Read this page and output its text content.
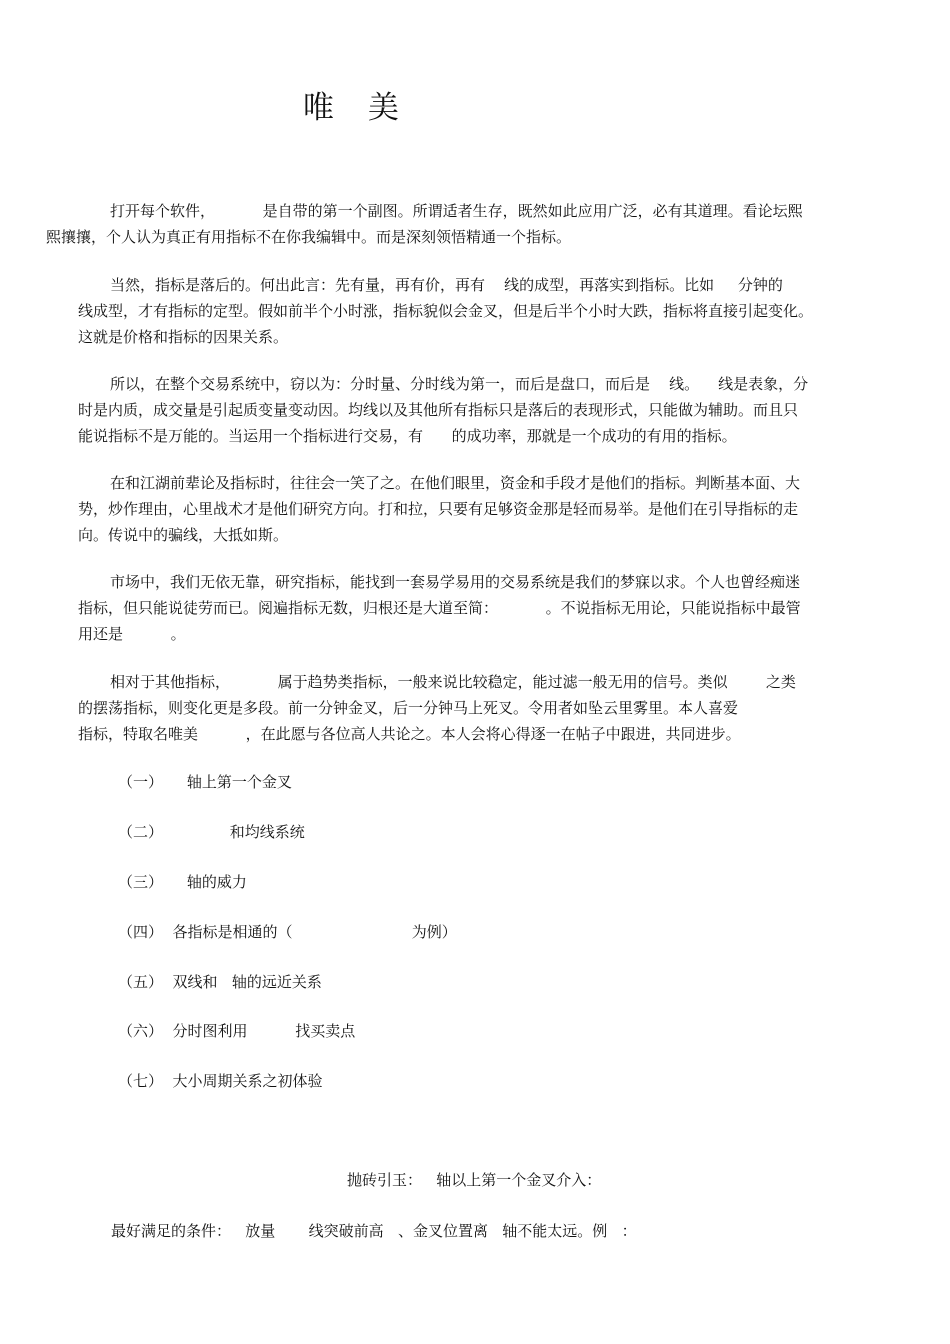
唯 美
打开每个软件，          是自带的第一个副图。所谓适者生存，既然如此应用广泛，必有其道理。看论坛熙
熙攘攘，个人认为真正有用指标不在你我编辑中。而是深刻领悟精通一个指标。
当然，指标是落后的。何出此言：先有量，再有价，再有    线的成型，再落实到指标。比如     分钟的
线成型，才有指标的定型。假如前半个小时涨，指标貌似会金叉，但是后半个小时大跌，指标将直接引起变化。
这就是价格和指标的因果关系。
所以，在整个交易系统中，窃以为：分时量、分时线为第一，而后是盘口，而后是    线。    线是表象，分
时是内质，成交量是引起质变量变动因。均线以及其他所有指标只是落后的表现形式，只能做为辅助。而且只
能说指标不是万能的。当运用一个指标进行交易，有      的成功率，那就是一个成功的有用的指标。
在和江湖前辈论及指标时，往往会一笑了之。在他们眼里，资金和手段才是他们的指标。判断基本面、大
势，炒作理由，心里战术才是他们研究方向。打和拉，只要有足够资金那是轻而易举。是他们在引导指标的走
向。传说中的骗线，大抵如斯。
市场中，我们无依无靠，研究指标，能找到一套易学易用的交易系统是我们的梦寐以求。个人也曾经痴迷
指标，但只能说徒劳而已。阅遍指标无数，归根还是大道至简：          。不说指标无用论，只能说指标中最管
用还是          。
相对于其他指标，          属于趋势类指标，一般来说比较稳定，能过滤一般无用的信号。类似        之类
的摆荡指标，则变化更是多段。前一分钟金叉，后一分钟马上死叉。令用者如坠云里雾里。本人喜爱
指标，特取名唯美          ，在此愿与各位高人共论之。本人会将心得逐一在帖子中跟进，共同进步。
（一）     轴上第一个金叉
（二）              和均线系统
（三）     轴的威力
（四）  各指标是相通的（                         为例）
（五）  双线和   轴的远近关系
（六）  分时图利用          找买卖点
（七）  大小周期关系之初体验
抛砖引玉：   轴以上第一个金叉介入：
最好满足的条件：   放量       线突破前高   、金叉位置离   轴不能太远。例   ：
